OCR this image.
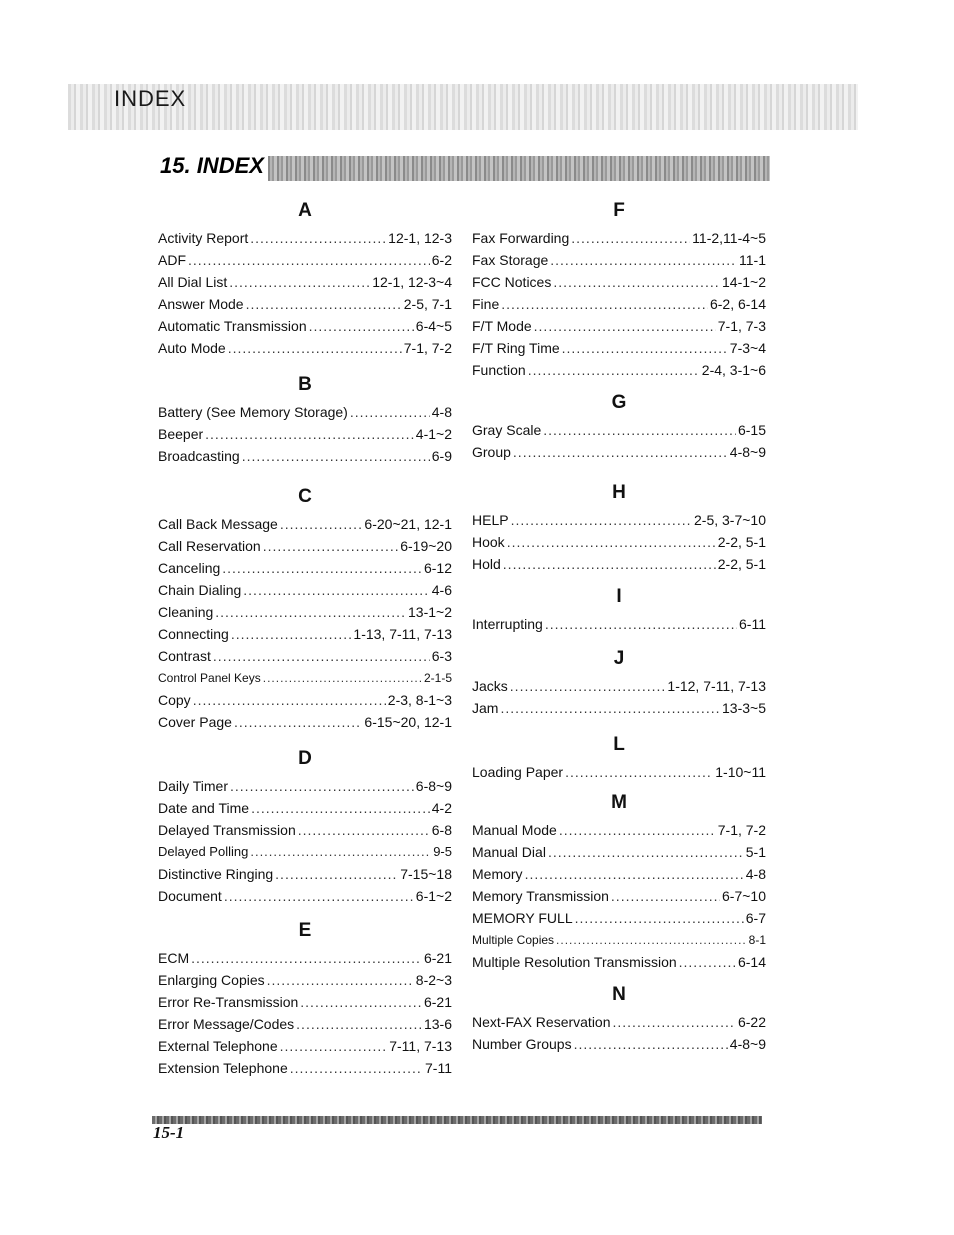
INDEX
15. INDEX
A
Activity Report .....	12-1, 12-3
ADF .....	6-2
All Dial List .....	12-1, 12-3~4
Answer Mode .....	2-5, 7-1
Automatic Transmission .....	6-4~5
Auto Mode .....	7-1, 7-2
B
Battery (See Memory Storage) .....	4-8
Beeper .....	4-1~2
Broadcasting .....	6-9
C
Call Back Message .....	6-20~21, 12-1
Call Reservation .....	6-19~20
Canceling .....	6-12
Chain Dialing .....	4-6
Cleaning .....	13-1~2
Connecting .....	1-13, 7-11, 7-13
Contrast .....	6-3
Control Panel Keys .....	2-1-5
Copy .....	2-3, 8-1~3
Cover Page .....	6-15~20, 12-1
D
Daily Timer .....	6-8~9
Date and Time .....	4-2
Delayed Transmission .....	6-8
Delayed Polling .....	9-5
Distinctive Ringing .....	7-15~18
Document .....	6-1~2
E
ECM .....	6-21
Enlarging Copies .....	8-2~3
Error Re-Transmission .....	6-21
Error Message/Codes .....	13-6
External Telephone .....	7-11, 7-13
Extension Telephone .....	7-11
F
Fax Forwarding .....	11-2,11-4~5
Fax Storage .....	11-1
FCC Notices .....	14-1~2
Fine .....	6-2, 6-14
F/T Mode .....	7-1, 7-3
F/T Ring Time .....	7-3~4
Function .....	2-4, 3-1~6
G
Gray Scale .....	6-15
Group .....	4-8~9
H
HELP .....	2-5, 3-7~10
Hook .....	2-2, 5-1
Hold .....	2-2, 5-1
I
Interrupting .....	6-11
J
Jacks .....	1-12, 7-11, 7-13
Jam .....	13-3~5
L
Loading Paper .....	1-10~11
M
Manual Mode .....	7-1, 7-2
Manual Dial .....	5-1
Memory .....	4-8
Memory Transmission .....	6-7~10
MEMORY FULL .....	6-7
Multiple Copies .....	8-1
Multiple Resolution Transmission .....	6-14
N
Next-FAX Reservation .....	6-22
Number Groups .....	4-8~9
15-1
